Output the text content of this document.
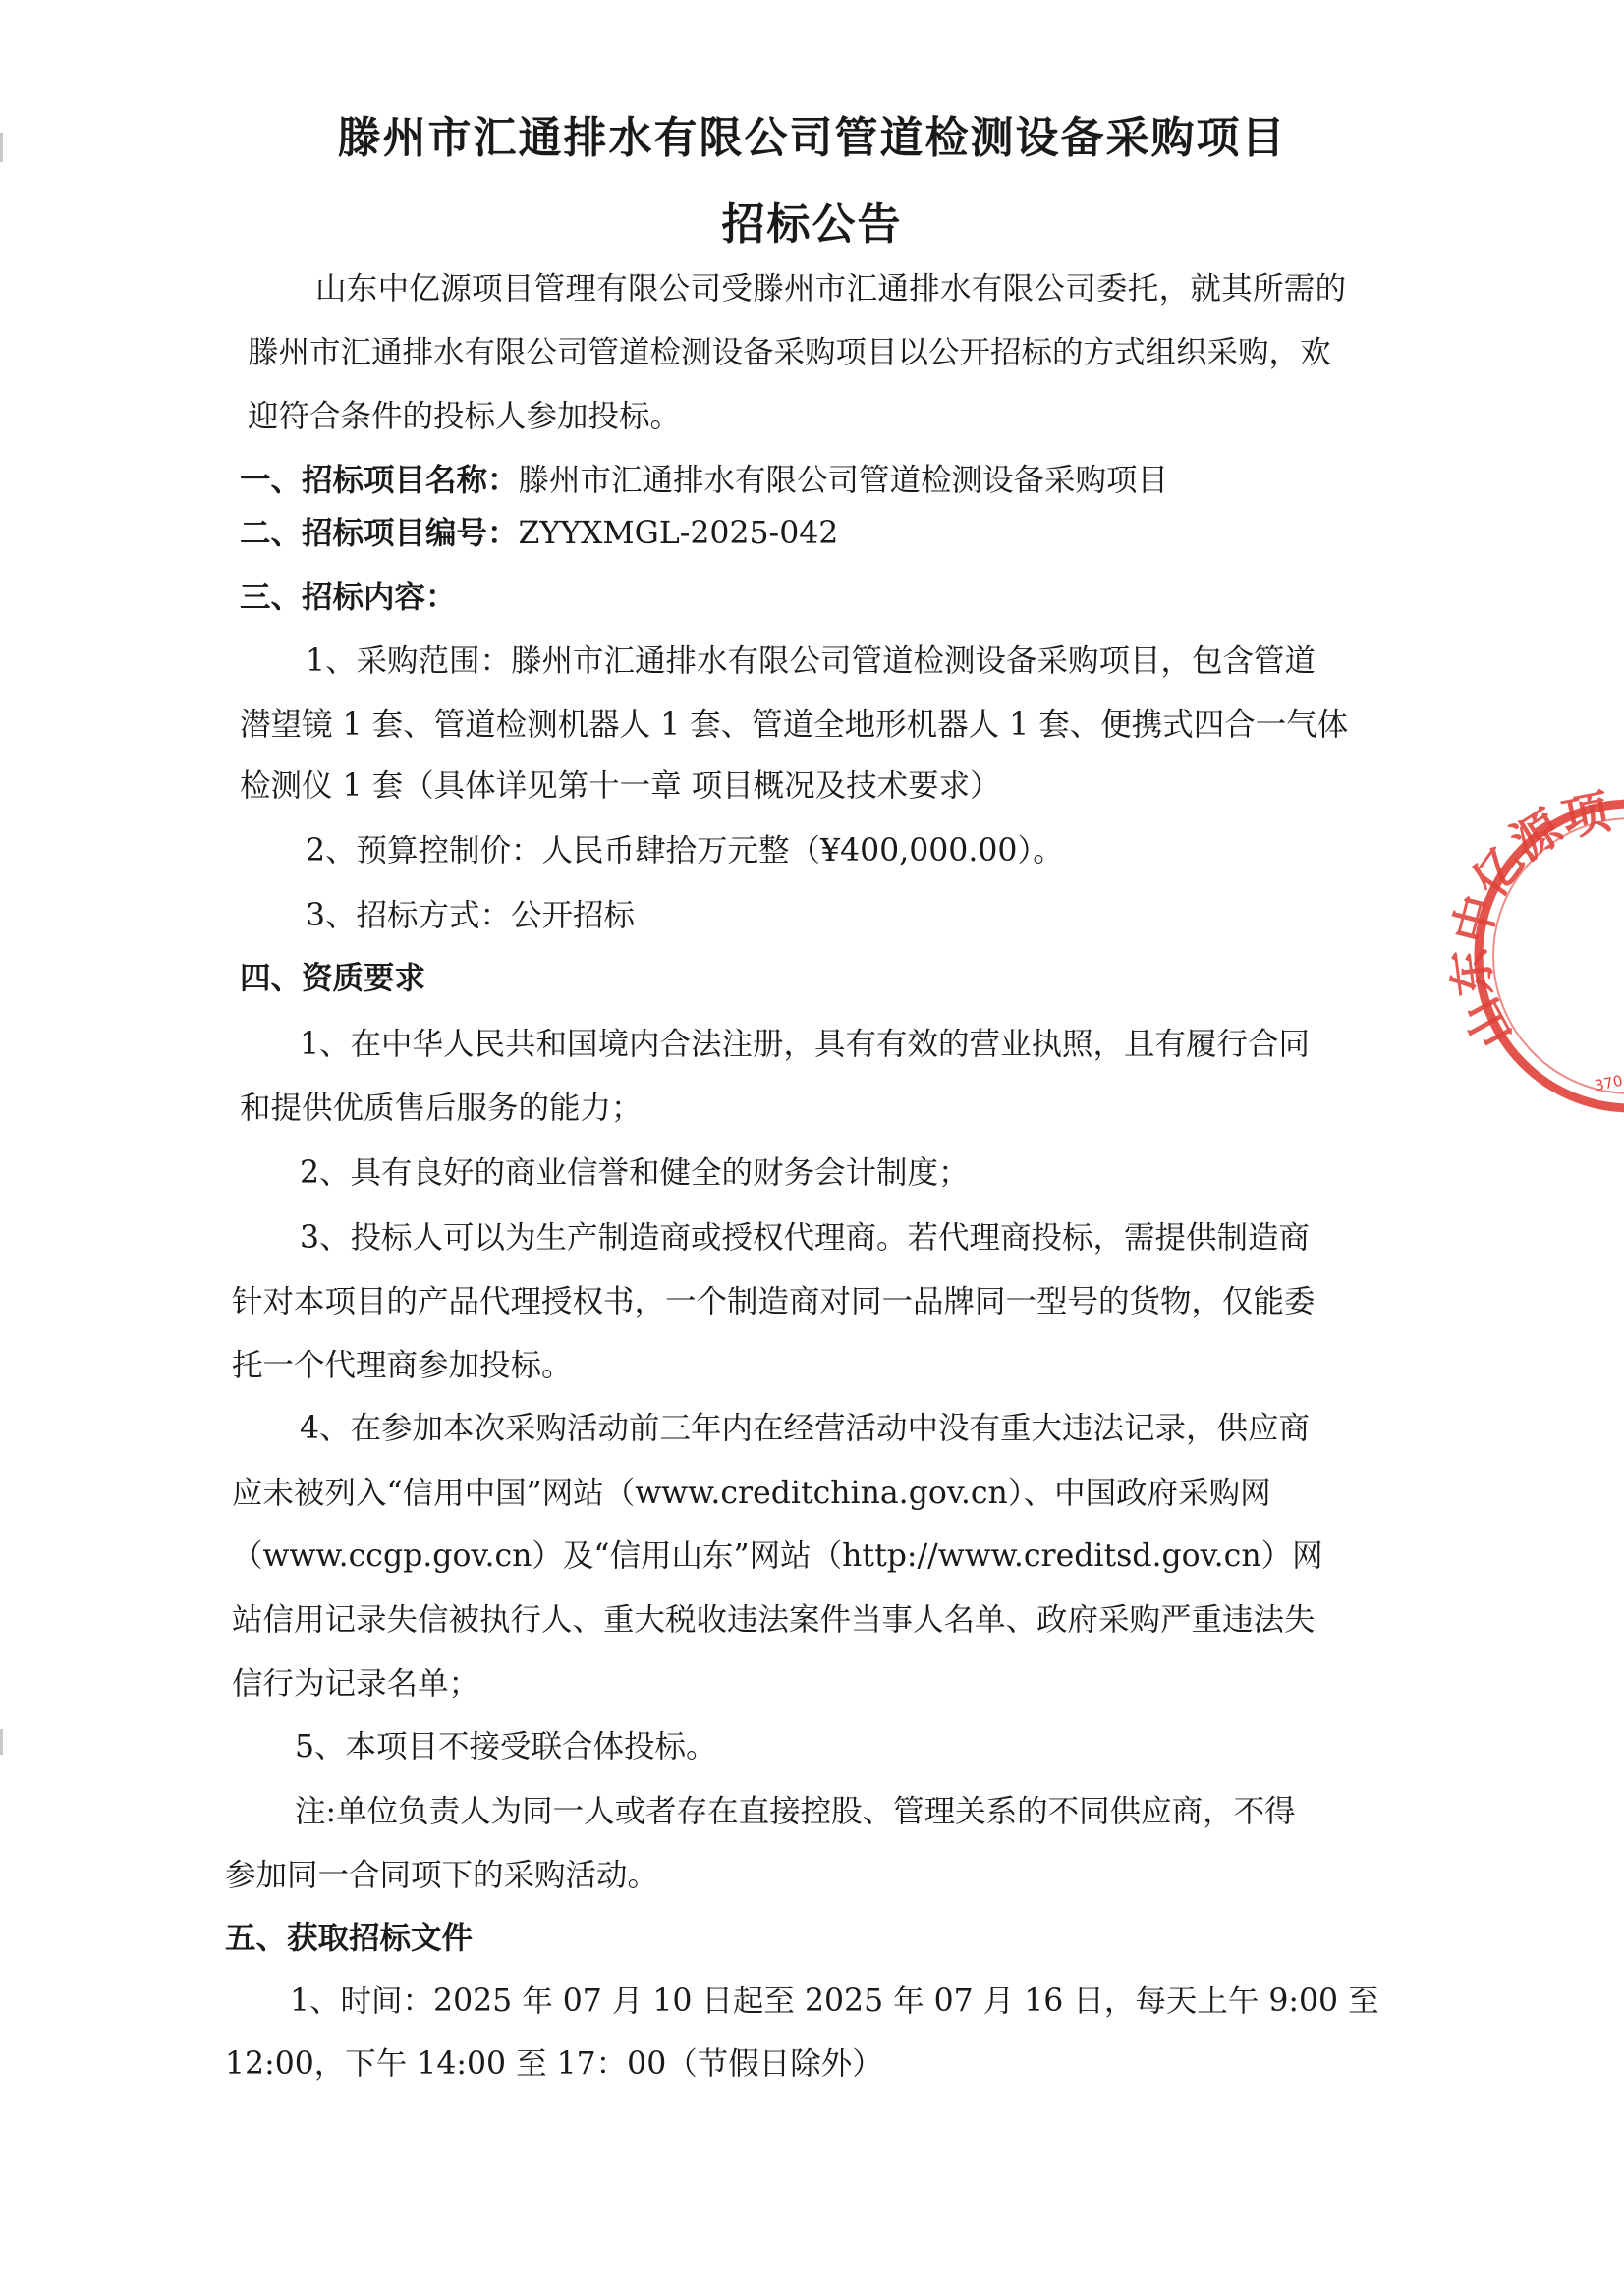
滕州市汇通排水有限公司管道检测设备采购项目
招标公告
山东中亿源项目管理有限公司受滕州市汇通排水有限公司委托，就其所需的
滕州市汇通排水有限公司管道检测设备采购项目以公开招标的方式组织采购，欢
迎符合条件的投标人参加投标。
一、招标项目名称：滕州市汇通排水有限公司管道检测设备采购项目
二、招标项目编号：ZYYXMGL-2025-042
三、招标内容：
1、采购范围：滕州市汇通排水有限公司管道检测设备采购项目，包含管道
潜望镜 1 套、管道检测机器人 1 套、管道全地形机器人 1 套、便携式四合一气体
检测仪 1 套（具体详见第十一章 项目概况及技术要求）
2、预算控制价：人民币肆拾万元整（¥400,000.00）。
3、招标方式：公开招标
四、资质要求
1、在中华人民共和国境内合法注册，具有有效的营业执照，且有履行合同
和提供优质售后服务的能力；
2、具有良好的商业信誉和健全的财务会计制度；
3、投标人可以为生产制造商或授权代理商。若代理商投标，需提供制造商
针对本项目的产品代理授权书，一个制造商对同一品牌同一型号的货物，仅能委
托一个代理商参加投标。
4、在参加本次采购活动前三年内在经营活动中没有重大违法记录，供应商
应未被列入“信用中国”网站（www.creditchina.gov.cn）、中国政府采购网
（www.ccgp.gov.cn）及“信用山东”网站（http://www.creditsd.gov.cn）网
站信用记录失信被执行人、重大税收违法案件当事人名单、政府采购严重违法失
信行为记录名单；
5、本项目不接受联合体投标。
注:单位负责人为同一人或者存在直接控股、管理关系的不同供应商，不得
参加同一合同项下的采购活动。
五、获取招标文件
1、时间：2025 年 07 月 10 日起至 2025 年 07 月 16 日，每天上午 9:00 至
12:00，下午 14:00 至 17：00（节假日除外）
山东中亿源项目
370
